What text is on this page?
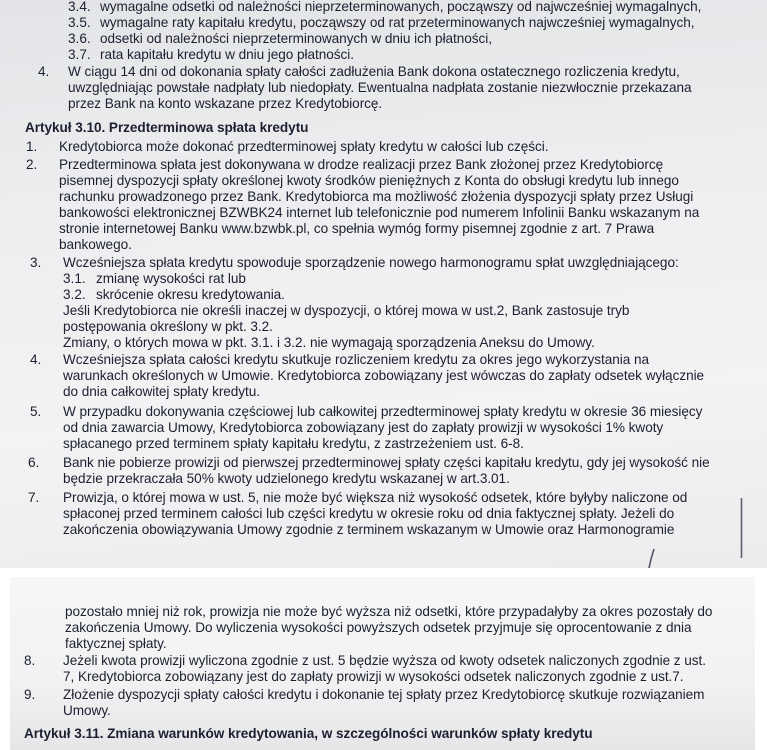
3.4. wymagalne odsetki od należności nieprzeterminowanych, począwszy od najwcześniej wymagalnych,
3.5. wymagalne raty kapitału kredytu, począwszy od rat przeterminowanych najwcześniej wymagalnych,
3.6. odsetki od należności nieprzeterminowanych w dniu ich płatności,
3.7. rata kapitału kredytu w dniu jego płatności.
4. W ciągu 14 dni od dokonania spłaty całości zadłużenia Bank dokona ostatecznego rozliczenia kredytu,
uwzględniając powstałe nadpłaty lub niedopłaty. Ewentualna nadpłata zostanie niezwłocznie przekazana
przez Bank na konto wskazane przez Kredytobiorcę.
Artykuł 3.10. Przedterminowa spłata kredytu
1. Kredytobiorca może dokonać przedterminowej spłaty kredytu w całości lub części.
2. Przedterminowa spłata jest dokonywana w drodze realizacji przez Bank złożonej przez Kredytobiorcę
pisemnej dyspozycji spłaty określonej kwoty środków pieniężnych z Konta do obsługi kredytu lub innego
rachunku prowadzonego przez Bank. Kredytobiorca ma możliwość złożenia dyspozycji spłaty przez Usługi
bankowości elektronicznej BZWBK24 internet lub telefonicznie pod numerem Infolinii Banku wskazanym na
stronie internetowej Banku www.bzwbk.pl, co spełnia wymóg formy pisemnej zgodnie z art. 7 Prawa
bankowego.
3. Wcześniejsza spłata kredytu spowoduje sporządzenie nowego harmonogramu spłat uwzględniającego:
3.1. zmianę wysokości rat lub
3.2. skrócenie okresu kredytowania.
Jeśli Kredytobiorca nie określi inaczej w dyspozycji, o której mowa w ust.2, Bank zastosuje tryb
postępowania określony w pkt. 3.2.
Zmiany, o których mowa w pkt. 3.1. i 3.2. nie wymagają sporządzenia Aneksu do Umowy.
4. Wcześniejsza spłata całości kredytu skutkuje rozliczeniem kredytu za okres jego wykorzystania na
warunkach określonych w Umowie. Kredytobiorca zobowiązany jest wówczas do zapłaty odsetek wyłącznie
do dnia całkowitej spłaty kredytu.
5. W przypadku dokonywania częściowej lub całkowitej przedterminowej spłaty kredytu w okresie 36 miesięcy
od dnia zawarcia Umowy, Kredytobiorca zobowiązany jest do zapłaty prowizji w wysokości 1% kwoty
spłacanego przed terminem spłaty kapitału kredytu, z zastrzeżeniem ust. 6-8.
6. Bank nie pobierze prowizji od pierwszej przedterminowej spłaty części kapitału kredytu, gdy jej wysokość nie
będzie przekraczała 50% kwoty udzielonego kredytu wskazanej w art.3.01.
7. Prowizja, o której mowa w ust. 5, nie może być większa niż wysokość odsetek, które byłyby naliczone od
spłaconej przed terminem całości lub części kredytu w okresie roku od dnia faktycznej spłaty. Jeżeli do
zakończenia obowiązywania Umowy zgodnie z terminem wskazanym w Umowie oraz Harmonogramie
pozostało mniej niż rok, prowizja nie może być wyższa niż odsetki, które przypadałyby za okres pozostały do
zakończenia Umowy. Do wyliczenia wysokości powyższych odsetek przyjmuje się oprocentowanie z dnia
faktycznej spłaty.
8. Jeżeli kwota prowizji wyliczona zgodnie z ust. 5 będzie wyższa od kwoty odsetek naliczonych zgodnie z ust.
7, Kredytobiorca zobowiązany jest do zapłaty prowizji w wysokości odsetek naliczonych zgodnie z ust.7.
9. Złożenie dyspozycji spłaty całości kredytu i dokonanie tej spłaty przez Kredytobiorcę skutkuje rozwiązaniem
Umowy.
Artykuł 3.11. Zmiana warunków kredytowania, w szczególności warunków spłaty kredytu
